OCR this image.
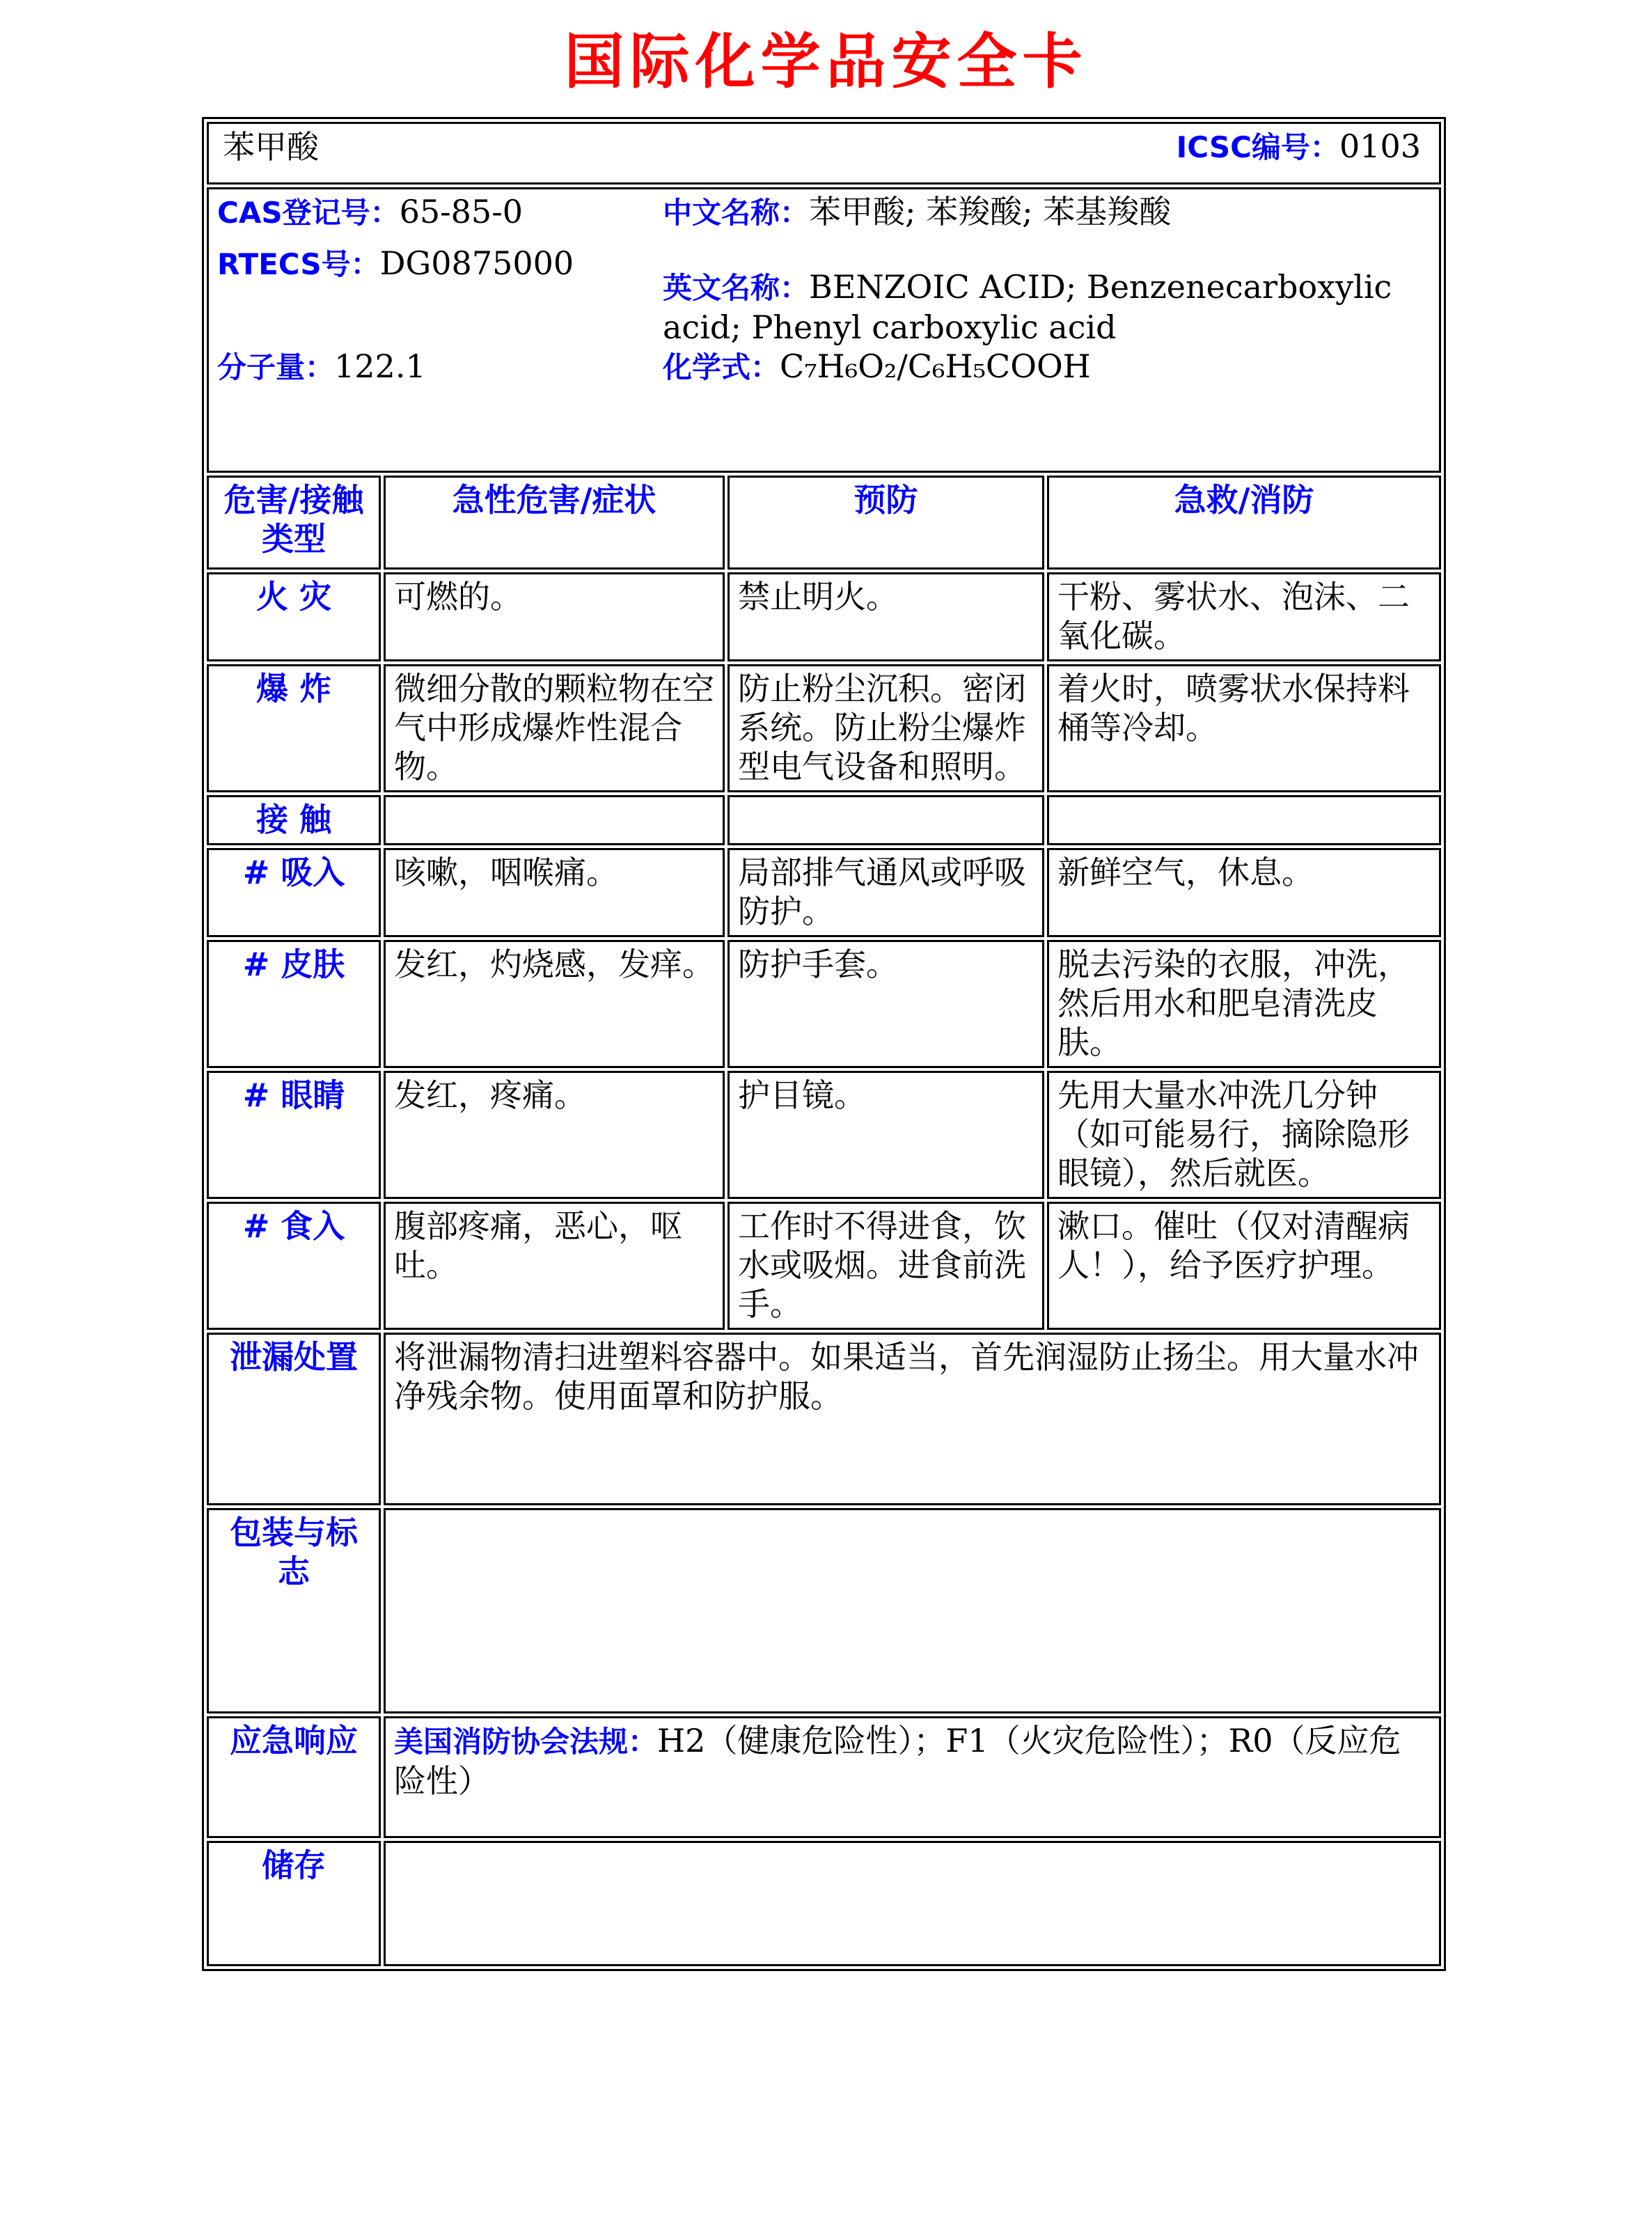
国际化学品安全卡
苯甲酸 ICSC编号：0103			

CAS登记号：65-85-0
RTECS号：DG0875000
中文名称：苯甲酸; 苯羧酸; 苯基羧酸
英文名称：BENZOIC ACID; Benzenecarboxylic acid; Phenyl carboxylic acid
分子量：122.1	化学式：C₇H₆O₂/C₆H₅COOH

危害/接触类型	急性危害/症状	预防	急救/消防
火 灾	可燃的。	禁止明火。	干粉、雾状水、泡沫、二氧化碳。
爆 炸	微细分散的颗粒物在空气中形成爆炸性混合物。	防止粉尘沉积。密闭系统。防止粉尘爆炸型电气设备和照明。	着火时，喷雾状水保持料桶等冷却。
接 触			
# 吸入	咳嗽，咽喉痛。	局部排气通风或呼吸防护。	新鲜空气，休息。
# 皮肤	发红，灼烧感，发痒。	防护手套。	脱去污染的衣服，冲洗，然后用水和肥皂清洗皮肤。
# 眼睛	发红，疼痛。	护目镜。	先用大量水冲洗几分钟（如可能易行，摘除隐形眼镜），然后就医。
# 食入	腹部疼痛，恶心，呕吐。	工作时不得进食，饮水或吸烟。进食前洗手。	漱口。催吐（仅对清醒病人！），给予医疗护理。
泄漏处置	将泄漏物清扫进塑料容器中。如果适当，首先润湿防止扬尘。用大量水冲净残余物。使用面罩和防护服。		
包装与标志			
应急响应	美国消防协会法规：H2（健康危险性）；F1（火灾危险性）；R0（反应危险性）		
储存			
